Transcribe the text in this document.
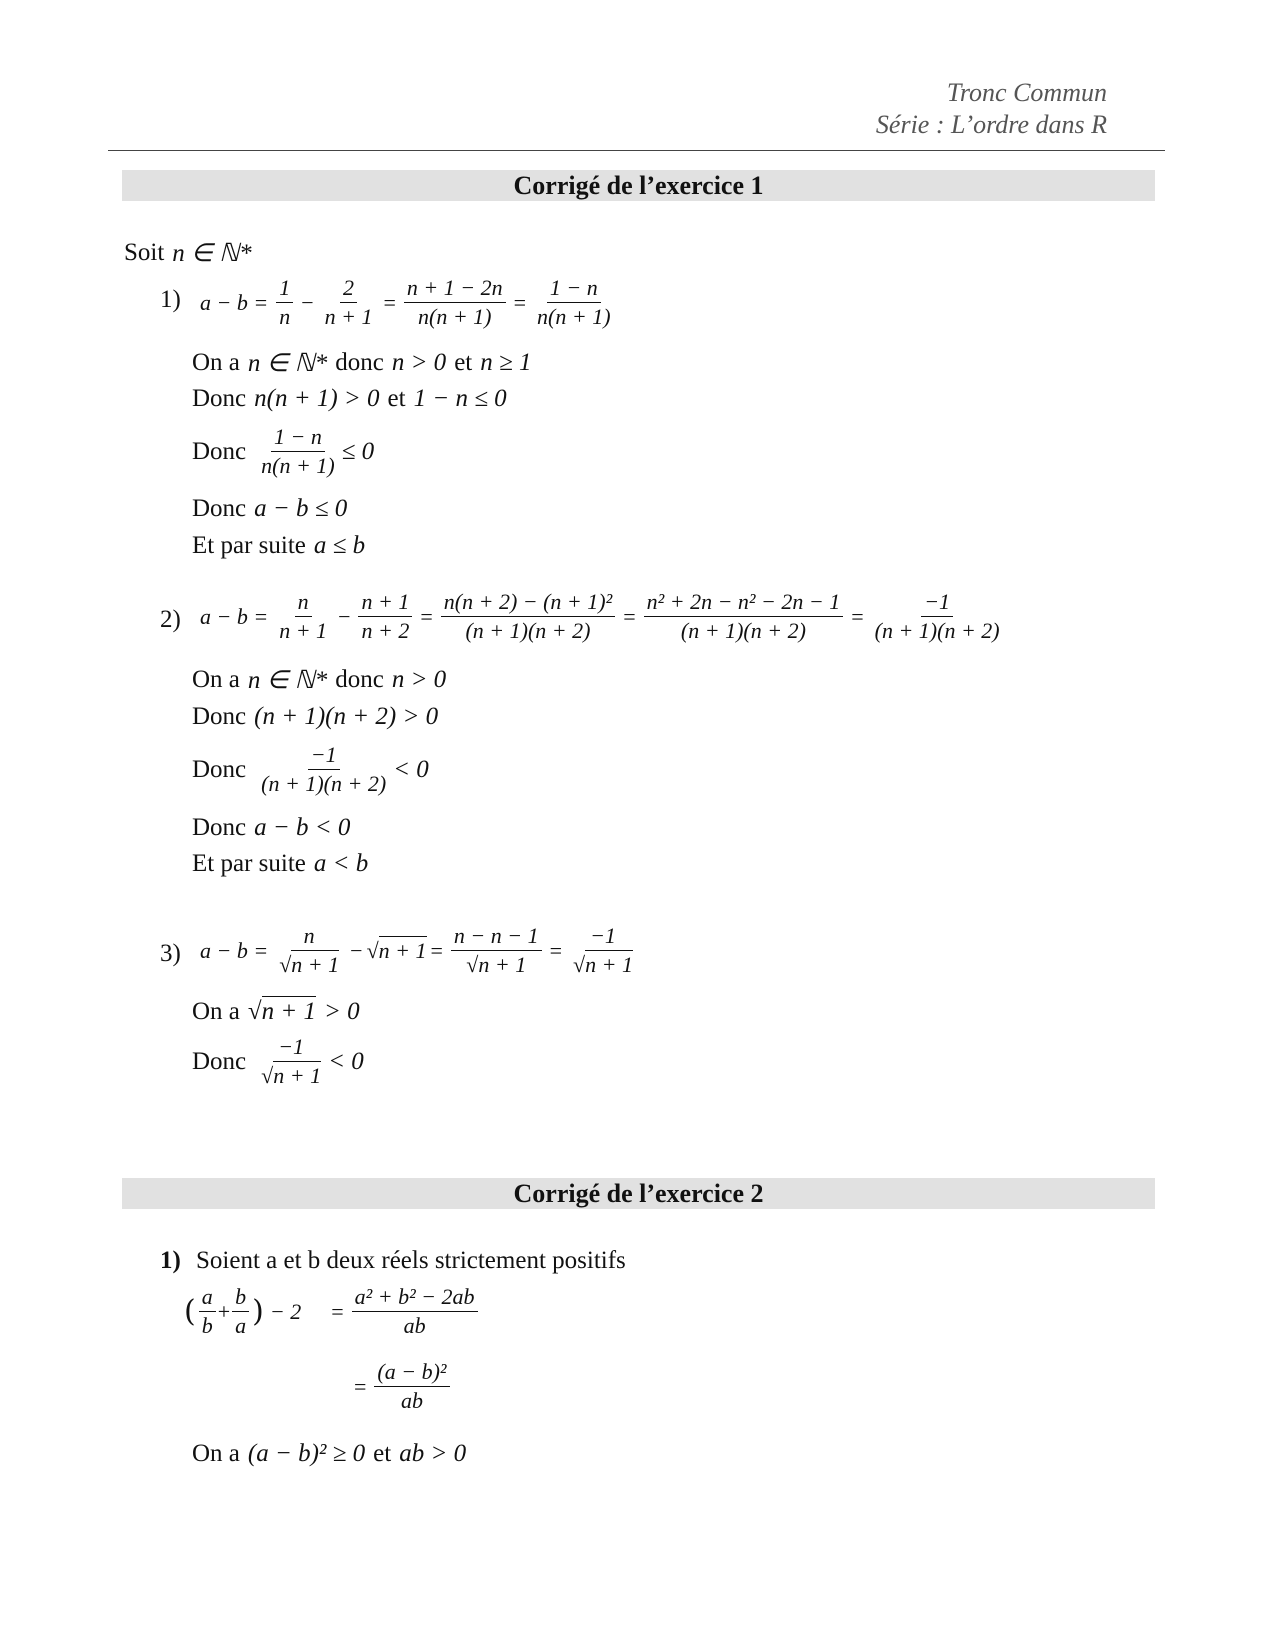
Tronc Commun
Série : L’ordre dans R
Corrigé de l’exercice 1
Soit n ∈ ℕ*
1) $a - b = \frac{1}{n} - \frac{2}{n + 1} = \frac{n + 1 - 2n}{n(n + 1)} = \frac{1 - n}{n(n + 1)}$
On a n ∈ ℕ* donc n > 0 et n ≥ 1
Donc n(n + 1) > 0 et 1 − n ≤ 0
Donc $\frac{1 - n}{n(n + 1)} \le 0$
Donc a − b ≤ 0
Et par suite a ≤ b
2) $a - b = \frac{n}{n + 1} - \frac{n + 1}{n + 2} = \frac{\text{n(n + 2) − (n + 1)²}}{(n + 1)(n + 2)} = \frac{\text{n² + 2n − n² − 2n − 1}}{(n + 1)(n + 2)} = \frac{-1}{(n + 1)(n + 2)}$
On a n ∈ ℕ* donc n > 0
Donc (n + 1)(n + 2) > 0
Donc $\frac{-1}{(n + 1)(n + 2)} < 0$
Donc a − b < 0
Et par suite a < b
3) $a - b = \frac{n}{√n + 1} - √n + 1 = \frac{n - n - 1}{√n + 1} = \frac{-1}{√n + 1}$
On a √n + 1 > 0
Donc $\frac{-1}{√n + 1} < 0$
Corrigé de l’exercice 2
1) Soient a et b deux réels strictement positifs
( $\frac{a}{b} + \frac{b}{a}$ ) − $2 = \frac{\text{a² + b² − 2ab}}{ab}$
= $\frac{\text{(a − b)²}}{ab}$
On a (a − b)² ≥ 0 et ab > 0
